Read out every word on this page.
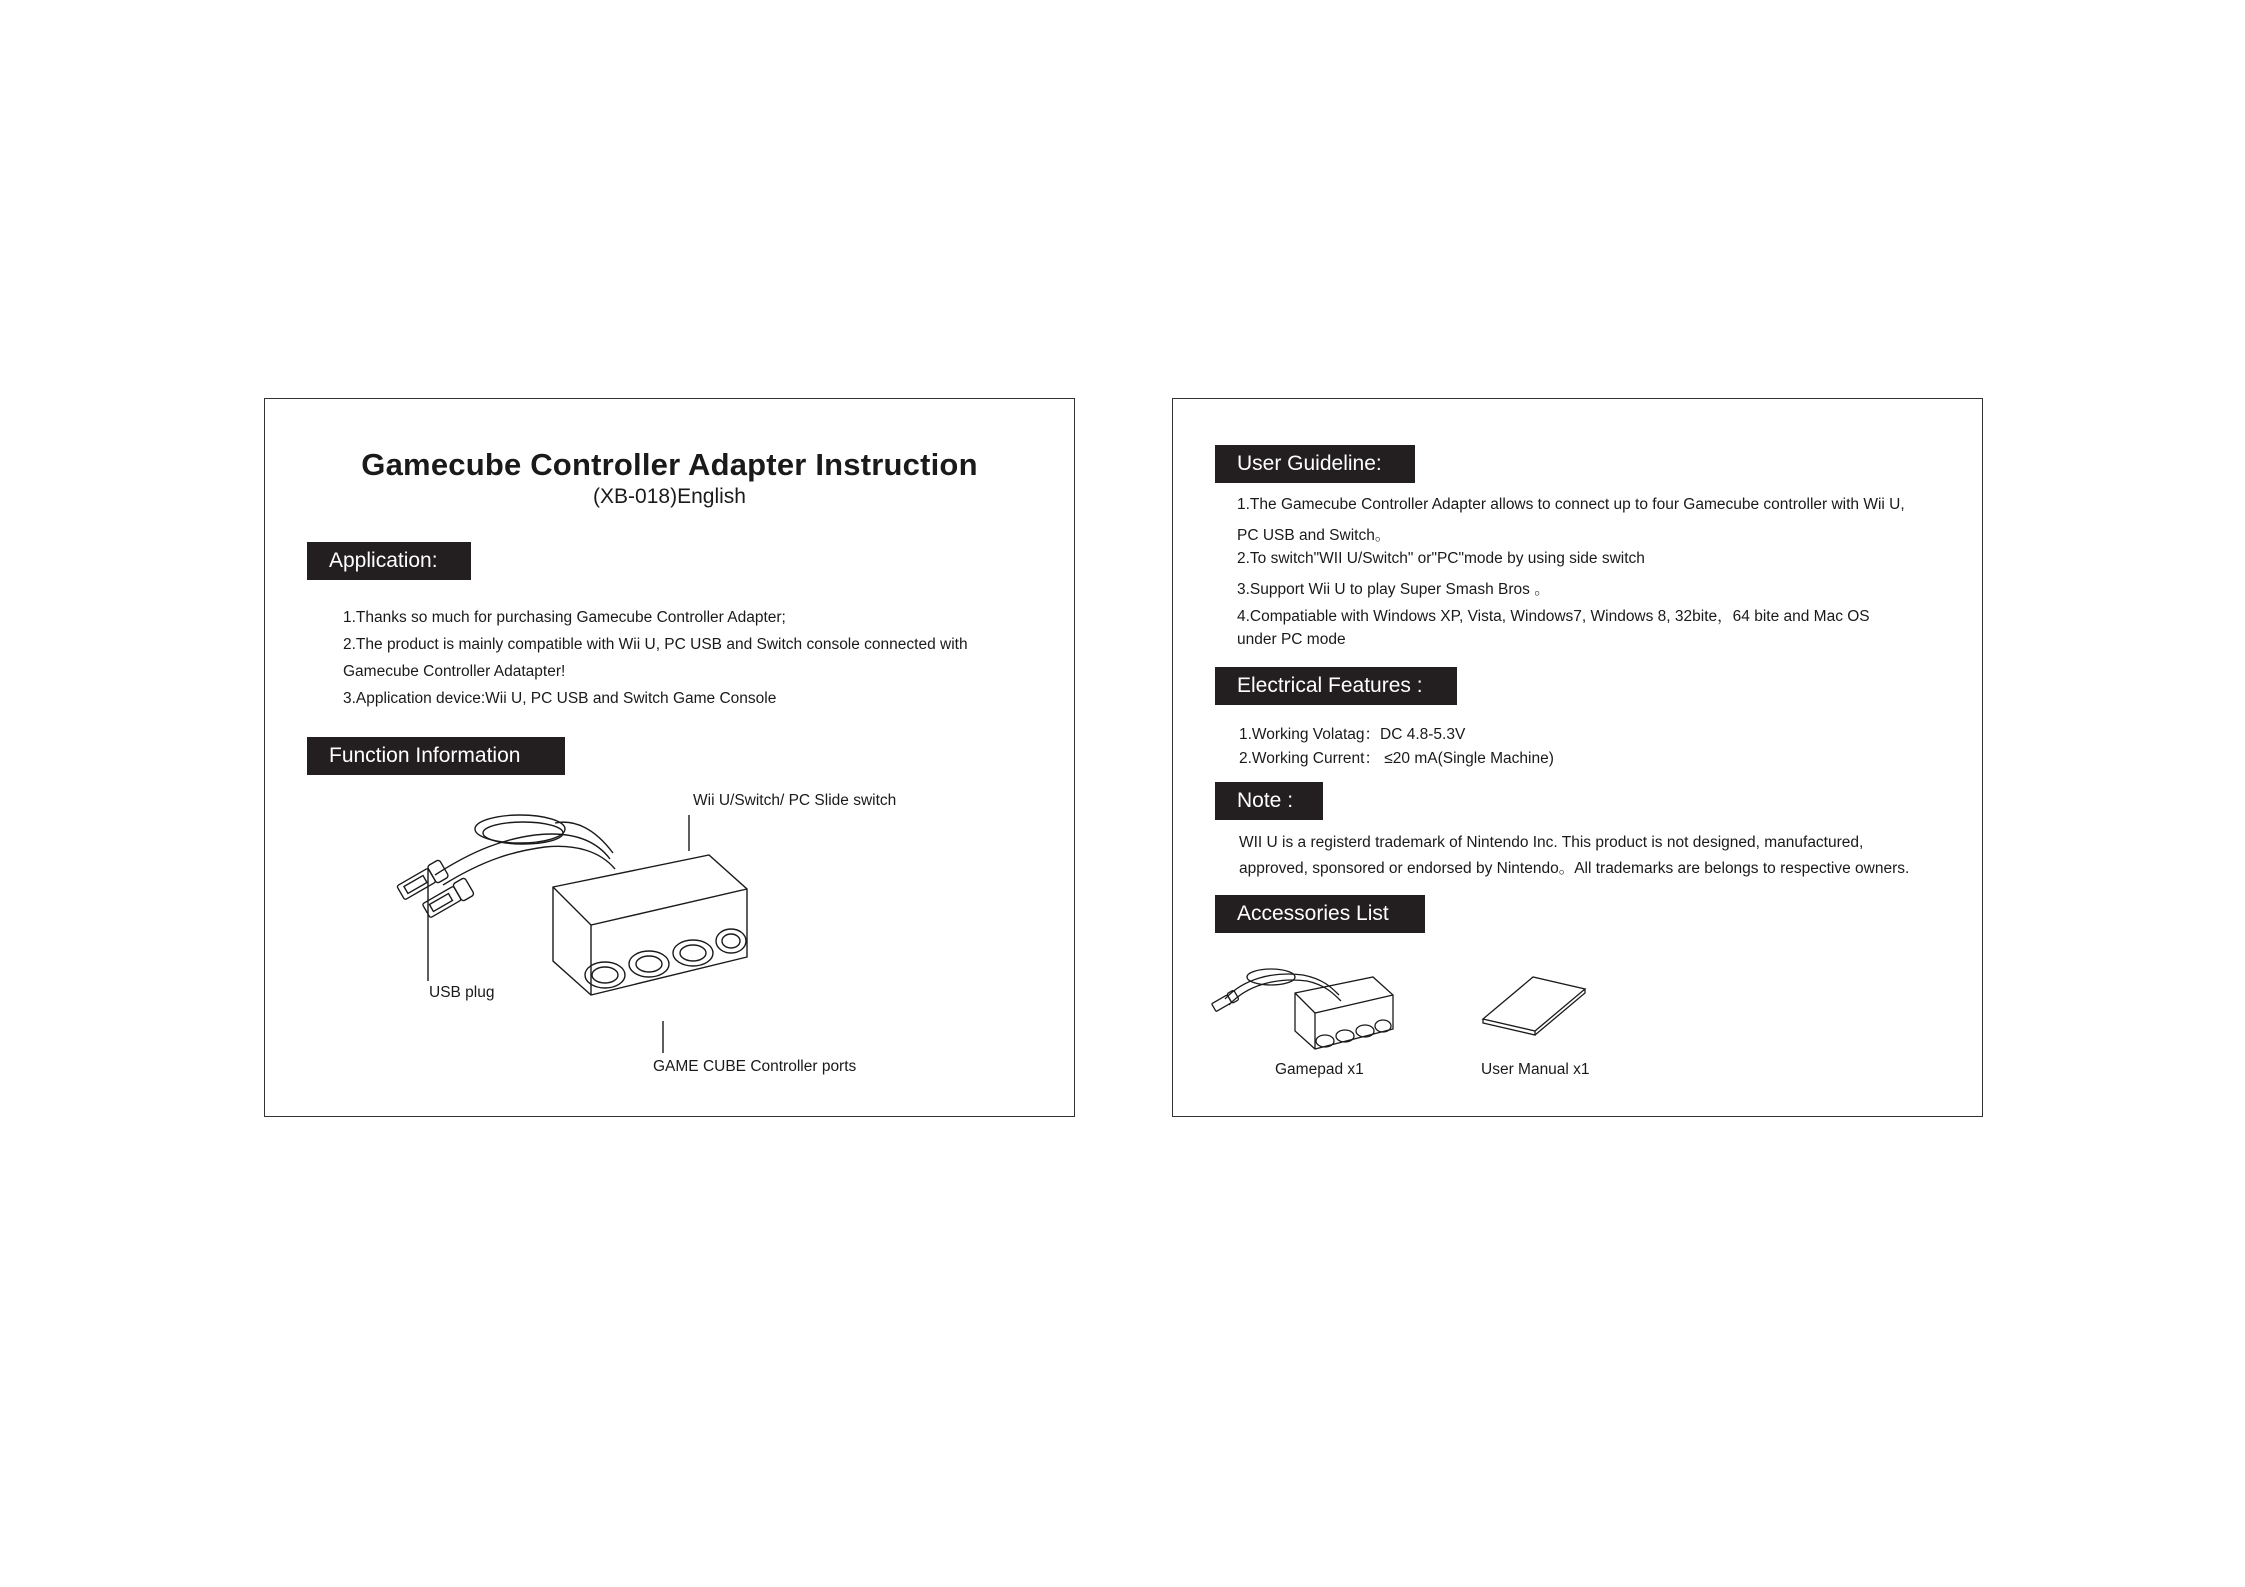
Gamecube Controller Adapter Instruction
(XB-018)English
Application:
1.Thanks so much for purchasing Gamecube Controller Adapter;
2.The product is mainly compatible with Wii U, PC USB and Switch console connected with
Gamecube Controller Adatapter!
3.Application device:Wii U, PC USB and Switch Game Console
Function Information
Wii U/Switch/ PC Slide switch
USB plug
GAME CUBE Controller ports
User Guideline:
1.The Gamecube Controller Adapter allows to connect up to four Gamecube controller with Wii U,
PC USB and Switch。
2.To switch"WII U/Switch" or"PC"mode by using side switch
3.Support Wii U to play Super Smash Bros 。
4.Compatiable with Windows XP, Vista, Windows7, Windows 8, 32bite，64 bite and Mac OS
under PC mode
Electrical Features :
1.Working Volatag：DC 4.8-5.3V
2.Working Current： ≤20 mA(Single Machine)
Note :
WII U is a registerd trademark of Nintendo Inc. This product is not designed, manufactured,
approved, sponsored or endorsed by Nintendo。All trademarks are belongs to respective owners.
Accessories List
Gamepad x1	User Manual x1
